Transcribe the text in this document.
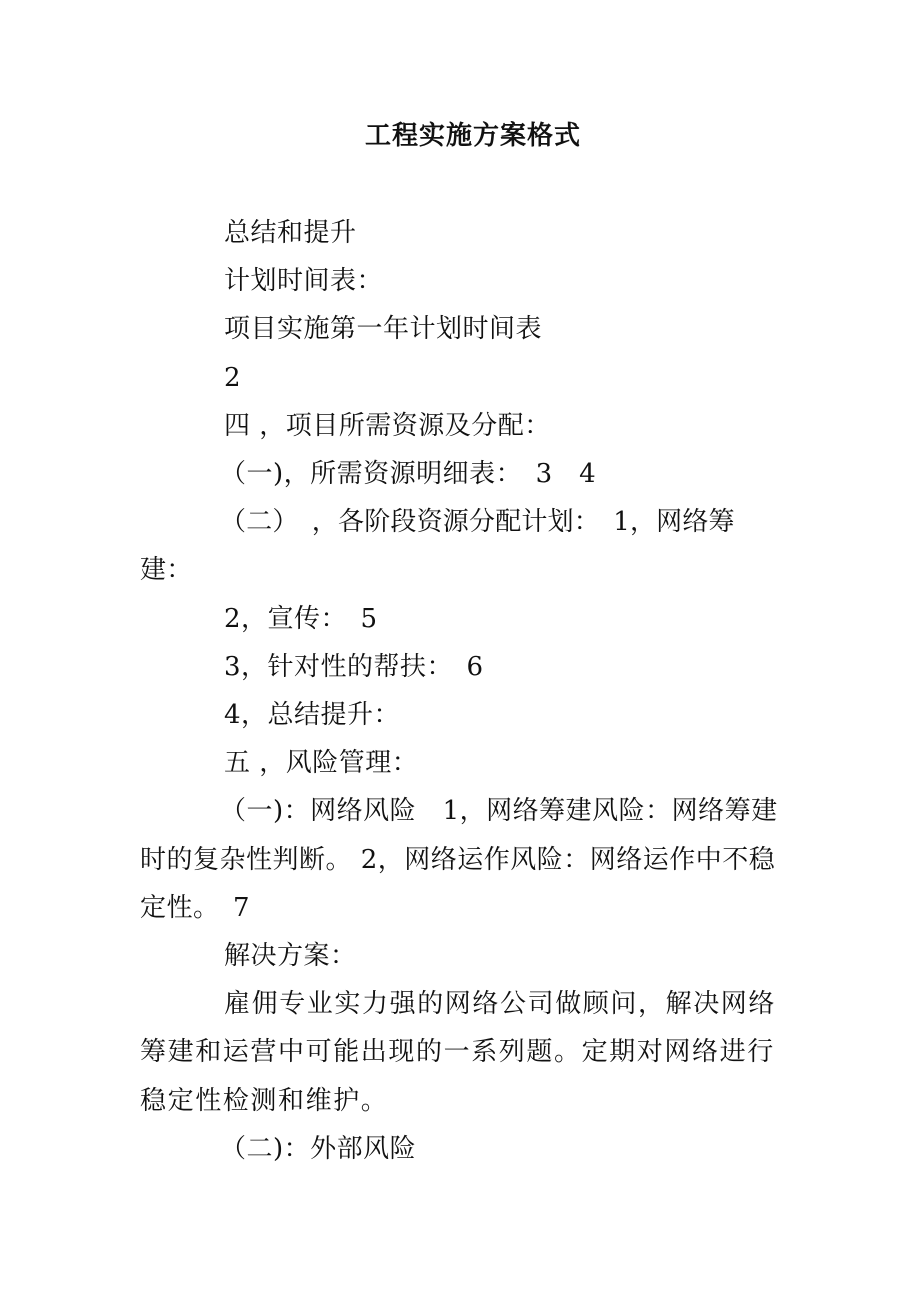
工程实施方案格式

总结和提升

计划时间表：

项目实施第一年计划时间表

2

四 ，项目所需资源及分配：

（一)，所需资源明细表：　3　4

（二）　，各阶段资源分配计划：　1，网络筹建：

2，宣传：　5

3，针对性的帮扶：　6

4，总结提升：

五 ，风险管理：

（一)：网络风险　1，网络筹建风险：网络筹建时的复杂性判断。 2，网络运作风险：网络运作中不稳定性。　7

解决方案：

雇佣专业实力强的网络公司做顾问，解决网络筹建和运营中可能出现的一系列题。定期对网络进行稳定性检测和维护。

（二)：外部风险
